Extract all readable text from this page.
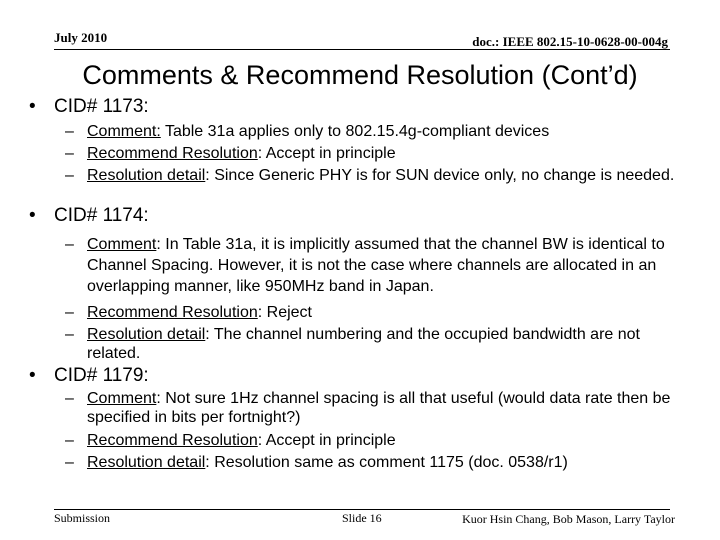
July 2010	doc.: IEEE 802.15-10-0628-00-004g
Comments & Recommend Resolution (Cont’d)
• CID# 1173:
– Comment: Table 31a applies only to 802.15.4g-compliant devices
– Recommend Resolution: Accept in principle
– Resolution detail: Since Generic PHY is for SUN device only, no change is needed.
• CID# 1174:
– Comment: In Table 31a, it is implicitly assumed that the channel BW is identical to Channel Spacing. However, it is not the case where channels are allocated in an overlapping manner, like 950MHz band in Japan.
– Recommend Resolution: Reject
– Resolution detail: The channel numbering and the occupied bandwidth are not related.
• CID# 1179:
– Comment: Not sure 1Hz channel spacing is all that useful (would data rate then be specified in bits per fortnight?)
– Recommend Resolution: Accept in principle
– Resolution detail: Resolution same as comment 1175 (doc. 0538/r1)
Submission	Slide 16	Kuor Hsin Chang, Bob Mason, Larry Taylor
